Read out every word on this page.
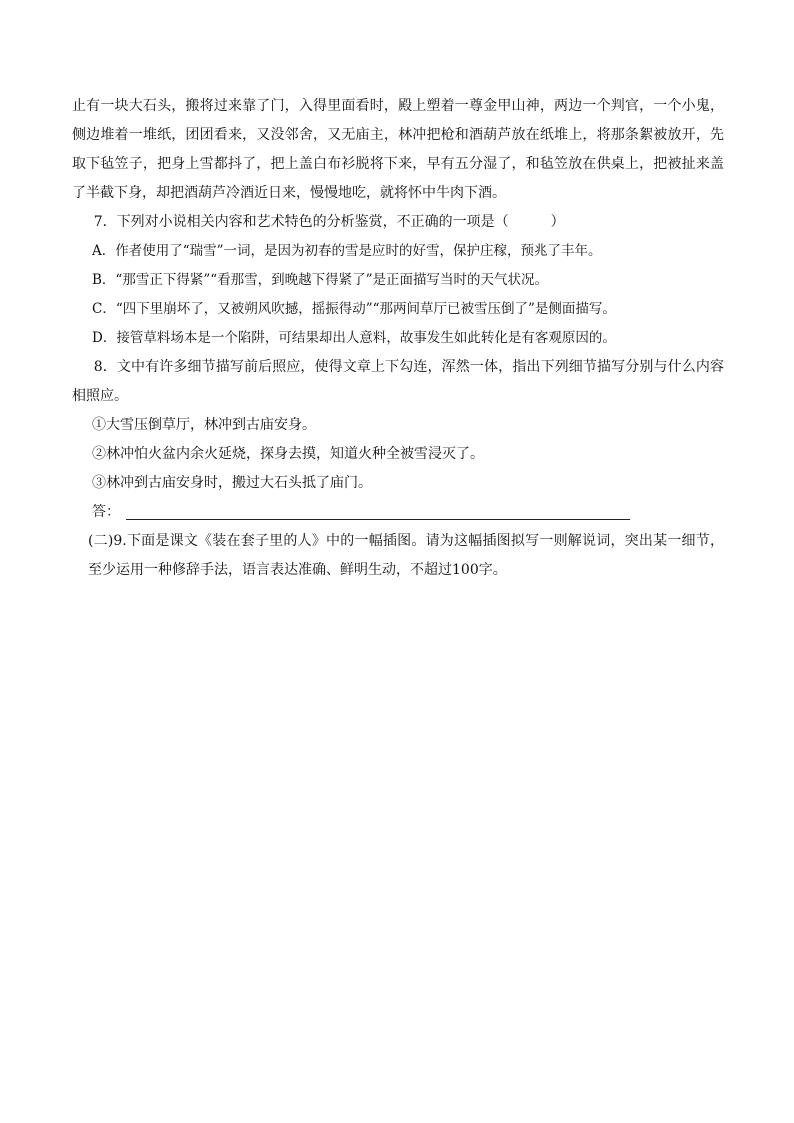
止有一块大石头，搬将过来靠了门，入得里面看时，殿上塑着一尊金甲山神，两边一个判官，一个小鬼，侧边堆着一堆纸，团团看来，又没邻舍，又无庙主，林冲把枪和酒葫芦放在纸堆上，将那条絮被放开，先取下毡笠子，把身上雪都抖了，把上盖白布衫脱将下来，早有五分湿了，和毡笠放在供桌上，把被扯来盖了半截下身，却把酒葫芦冷酒近日来，慢慢地吃，就将怀中牛肉下酒。

7．下列对小说相关内容和艺术特色的分析鉴赏，不正确的一项是（　　　）

A．作者使用了“瑞雪”一词，是因为初春的雪是应时的好雪，保护庄稼，预兆了丰年。

B．“那雪正下得紧”“看那雪，到晚越下得紧了”是正面描写当时的天气状况。

C．“四下里崩坏了，又被朔风吹撼，摇振得动”“那两间草厅已被雪压倒了”是侧面描写。

D．接管草料场本是一个陷阱，可结果却出人意料，故事发生如此转化是有客观原因的。

8．文中有许多细节描写前后照应，使得文章上下勾连，浑然一体，指出下列细节描写分别与什么内容相照应。

①大雪压倒草厅，林冲到古庙安身。

②林冲怕火盆内余火延烧，探身去摸，知道火种全被雪浸灭了。

③林冲到古庙安身时，搬过大石头抵了庙门。

答：

(二)9.下面是课文《装在套子里的人》中的一幅插图。请为这幅插图拟写一则解说词，突出某一细节，至少运用一种修辞手法，语言表达准确、鲜明生动，不超过100字。
